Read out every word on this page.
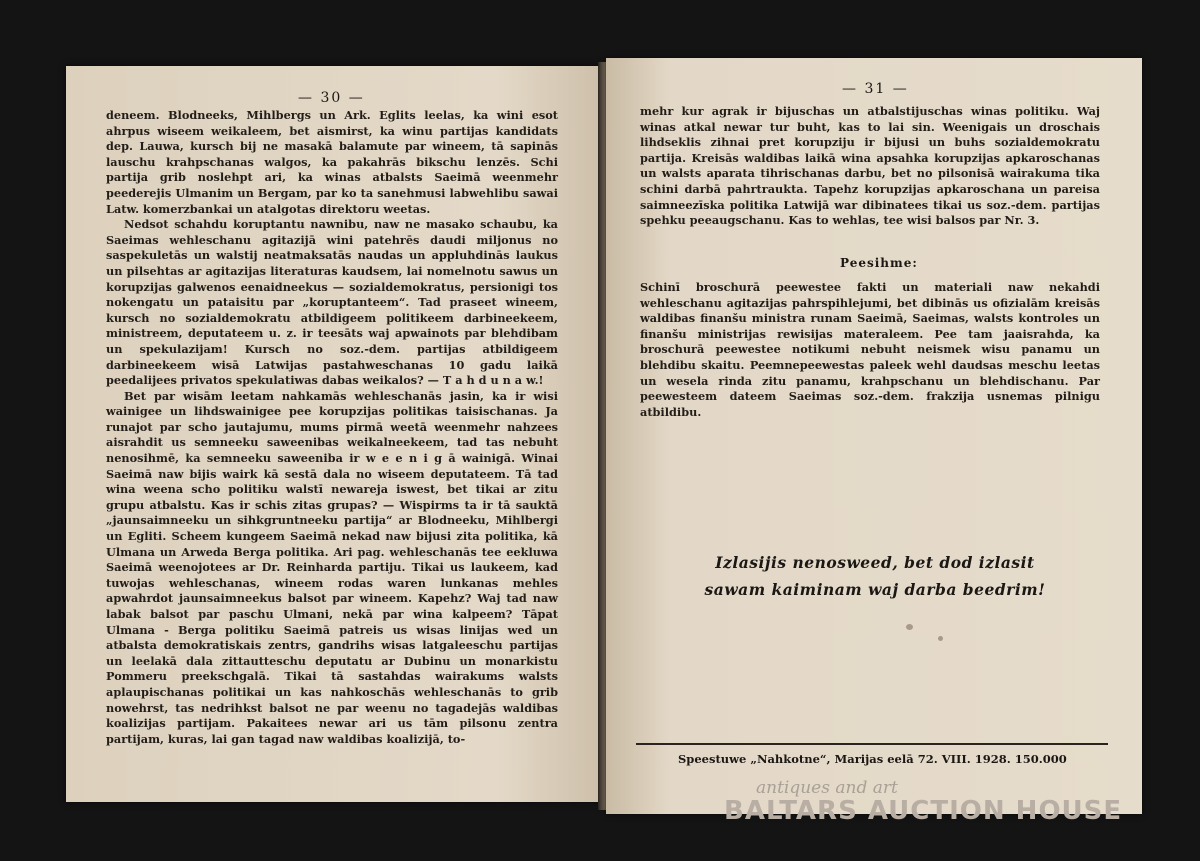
— 30 —

deneem. Blodneeks, Mihlbergs un Ark. Eglits leelas, ka wini esot ahrpus wiseem weikaleem, bet aismirst, ka winu partijas kandidats dep. Lauwa, kursch bij ne masakā balamute par wineem, tā sapinās lauschu krahpschanas walgos, ka pakahrās bikschu lenzēs. Schi partija grib noslehpt ari, ka winas atbalsts Saeimā weenmehr peederejis Ulmanim un Bergam, par ko ta sanehmusi labwehlibu sawai Latw. komerzbankai un atalgotas direktoru weetas.

Nedsot schahdu koruptantu nawnibu, naw ne masako schaubu, ka Saeimas wehleschanu agitazijā wini patehrēs daudi miljonus no saspekuletās un walstij neatmaksatās naudas un appluhdinās laukus un pilsehtas ar agitazijas literaturas kaudsem, lai nomelnotu sawus un korupzijas galwenos eenaidneekus — sozialdemokratus, persionigi tos nokengatu un pataisitu par „koruptanteem“. Tad praseet wineem, kursch no sozialdemokratu atbildigeem politikeem darbineekeem, ministreem, deputateem u. z. ir teesāts waj apwainots par blehdibam un spekulazijam! Kursch no soz.-dem. partijas atbildigeem darbineekeem wisā Latwijas pastahweschanas 10 gadu laikā peedalijees privatos spekulatiwas dabas weikalos? — T a h d u n a w.!

Bet par wisām leetam nahkamās wehleschanās jasin, ka ir wisi wainigee un lihdswainigee pee korupzijas politikas taisischanas. Ja runajot par scho jautajumu, mums pirmā weetā weenmehr nahzees aisrahdit us semneeku saweenibas weikalneekeem, tad tas nebuht nenosihmē, ka semneeku saweeniba ir w e e n i g ā wainigā. Winai Saeimā naw bijis wairk kā sestā dala no wiseem deputateem. Tā tad wina weena scho politiku walstī newareja iswest, bet tikai ar zitu grupu atbalstu. Kas ir schis zitas grupas? — Wispirms ta ir tā sauktā „jaunsaimneeku un sihkgruntneeku partija“ ar Blodneeku, Mihlbergi un Egliti. Scheem kungeem Saeimā nekad naw bijusi zita politika, kā Ulmana un Arweda Berga politika. Ari pag. wehleschanās tee eekluwa Saeimā weenojotees ar Dr. Reinharda partiju. Tikai us laukeem, kad tuwojas wehleschanas, wineem rodas waren lunkanas mehles apwahrdot jaunsaimneekus balsot par wineem. Kapehz? Waj tad naw labak balsot par paschu Ulmani, nekā par wina kalpeem? Tāpat Ulmana - Berga politiku Saeimā patreis us wisas linijas wed un atbalsta demokratiskais zentrs, gandrihs wisas latgaleeschu partijas un leelakā dala zittautteschu deputatu ar Dubinu un monarkistu Pommeru preekschgalā. Tikai tā sastahdas wairakums walsts aplaupischanas politikai un kas nahkoschās wehleschanās to grib nowehrst, tas nedrihkst balsot ne par weenu no tagadejās waldibas koalizijas partijam. Pakaitees newar ari us tām pilsonu zentra partijam, kuras, lai gan tagad naw waldibas koalizijā, to-

— 31 —
mehr kur agrak ir bijuschas un atbalstijuschas winas politiku. Waj winas atkal newar tur buht, kas to lai sin. Weenigais un droschais lihdseklis zihnai pret korupziju ir bijusi un buhs sozialdemokratu partija. Kreisās waldibas laikā wina apsahka korupzijas apkaroschanas un walsts aparata tihrischanas darbu, bet no pilsonisā wairakuma tika schini darbā pahrtraukta. Tapehz korupzijas apkaroschana un pareisa saimneezīska politika Latwijā war dibinatees tikai us soz.-dem. partijas spehku peeaugschanu. Kas to wehlas, tee wisi balsos par Nr. 3.
Peesihme:
Schinī broschurā peewestee fakti un materiali naw nekahdi wehleschanu agitazijas pahrspihlejumi, bet dibinās us ofizialām kreisās waldibas finanšu ministra runam Saeimā, Saeimas, walsts kontroles un finanšu ministrijas rewisijas materaleem. Pee tam jaaisrahda, ka broschurā peewestee notikumi nebuht neismek wisu panamu un blehdibu skaitu. Peemnepeewestas paleek wehl daudsas meschu leetas un wesela rinda zitu panamu, krahpschanu un blehdischanu. Par peewesteem dateem Saeimas soz.-dem. frakzija usnemas pilnigu atbildibu.
Izlasijis nenosweed, bet dod izlasit
sawam kaiminam waj darba beedrim!
Spеestuwe „Nahkotne“, Marijas eelā 72. VIII. 1928. 150.000
antiques and art
BALTARS AUCTION HOUSE
